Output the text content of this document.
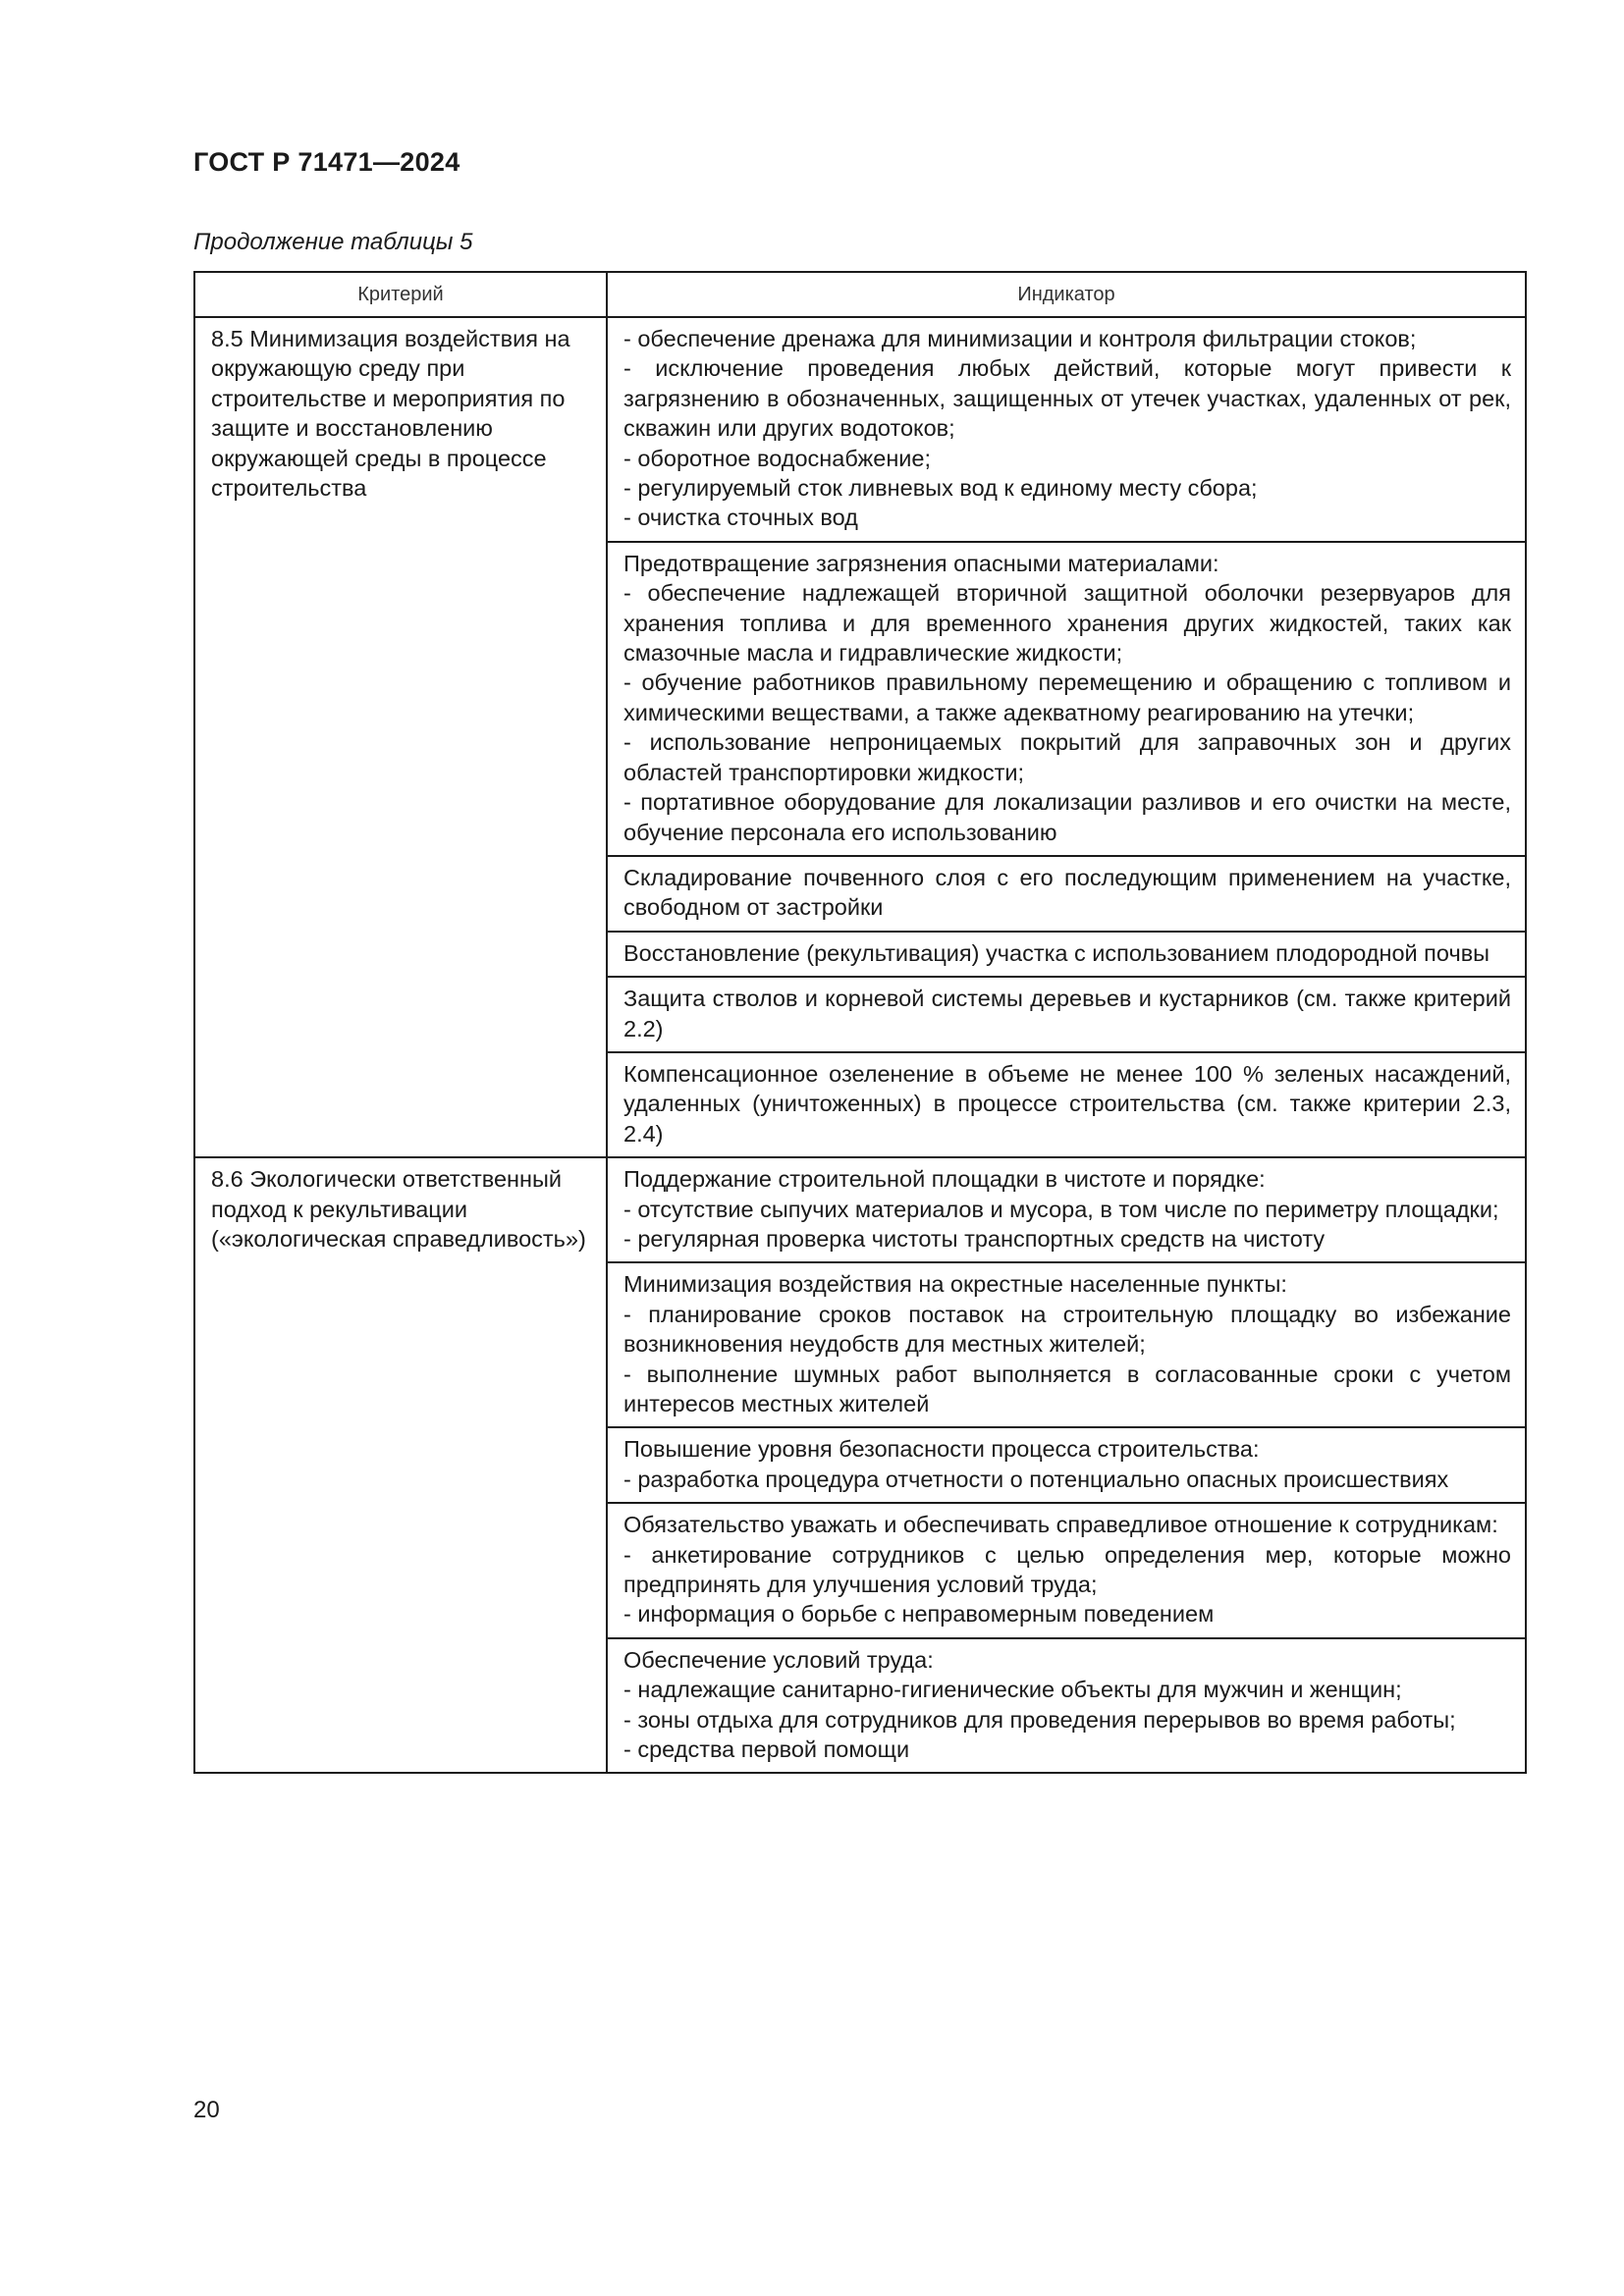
ГОСТ Р 71471—2024
Продолжение таблицы 5
Критерий	Индикатор
8.5 Минимизация воздействия на окружающую среду при строительстве и мероприятия по защите и восстановлению окружающей среды в процессе строительства	- обеспечение дренажа для минимизации и контроля фильтрации стоков;
- исключение проведения любых действий, которые могут привести к загрязнению в обозначенных, защищенных от утечек участках, удаленных от рек, скважин или других водотоков;
- оборотное водоснабжение;
- регулируемый сток ливневых вод к единому месту сбора;
- очистка сточных вод

	Предотвращение загрязнения опасными материалами:
- обеспечение надлежащей вторичной защитной оболочки резервуаров для хранения топлива и для временного хранения других жидкостей, таких как смазочные масла и гидравлические жидкости;
- обучение работников правильному перемещению и обращению с топливом и химическими веществами, а также адекватному реагированию на утечки;
- использование непроницаемых покрытий для заправочных зон и других областей транспортировки жидкости;
- портативное оборудование для локализации разливов и его очистки на месте, обучение персонала его использованию

	Складирование почвенного слоя с его последующим применением на участке, свободном от застройки

	Восстановление (рекультивация) участка с использованием плодородной почвы

	Защита стволов и корневой системы деревьев и кустарников (см. также критерий 2.2)

	Компенсационное озеленение в объеме не менее 100 % зеленых насаждений, удаленных (уничтоженных) в процессе строительства (см. также критерии 2.3, 2.4)

8.6 Экологически ответственный подход к рекультивации («экологическая справедливость»)	Поддержание строительной площадки в чистоте и порядке:
- отсутствие сыпучих материалов и мусора, в том числе по периметру площадки;
- регулярная проверка чистоты транспортных средств на чистоту

	Минимизация воздействия на окрестные населенные пункты:
- планирование сроков поставок на строительную площадку во избежание возникновения неудобств для местных жителей;
- выполнение шумных работ выполняется в согласованные сроки с учетом интересов местных жителей

	Повышение уровня безопасности процесса строительства:
- разработка процедура отчетности о потенциально опасных происшествиях

	Обязательство уважать и обеспечивать справедливое отношение к сотрудникам:
- анкетирование сотрудников с целью определения мер, которые можно предпринять для улучшения условий труда;
- информация о борьбе с неправомерным поведением

	Обеспечение условий труда:
- надлежащие санитарно-гигиенические объекты для мужчин и женщин;
- зоны отдыха для сотрудников для проведения перерывов во время работы;
- средства первой помощи
20
